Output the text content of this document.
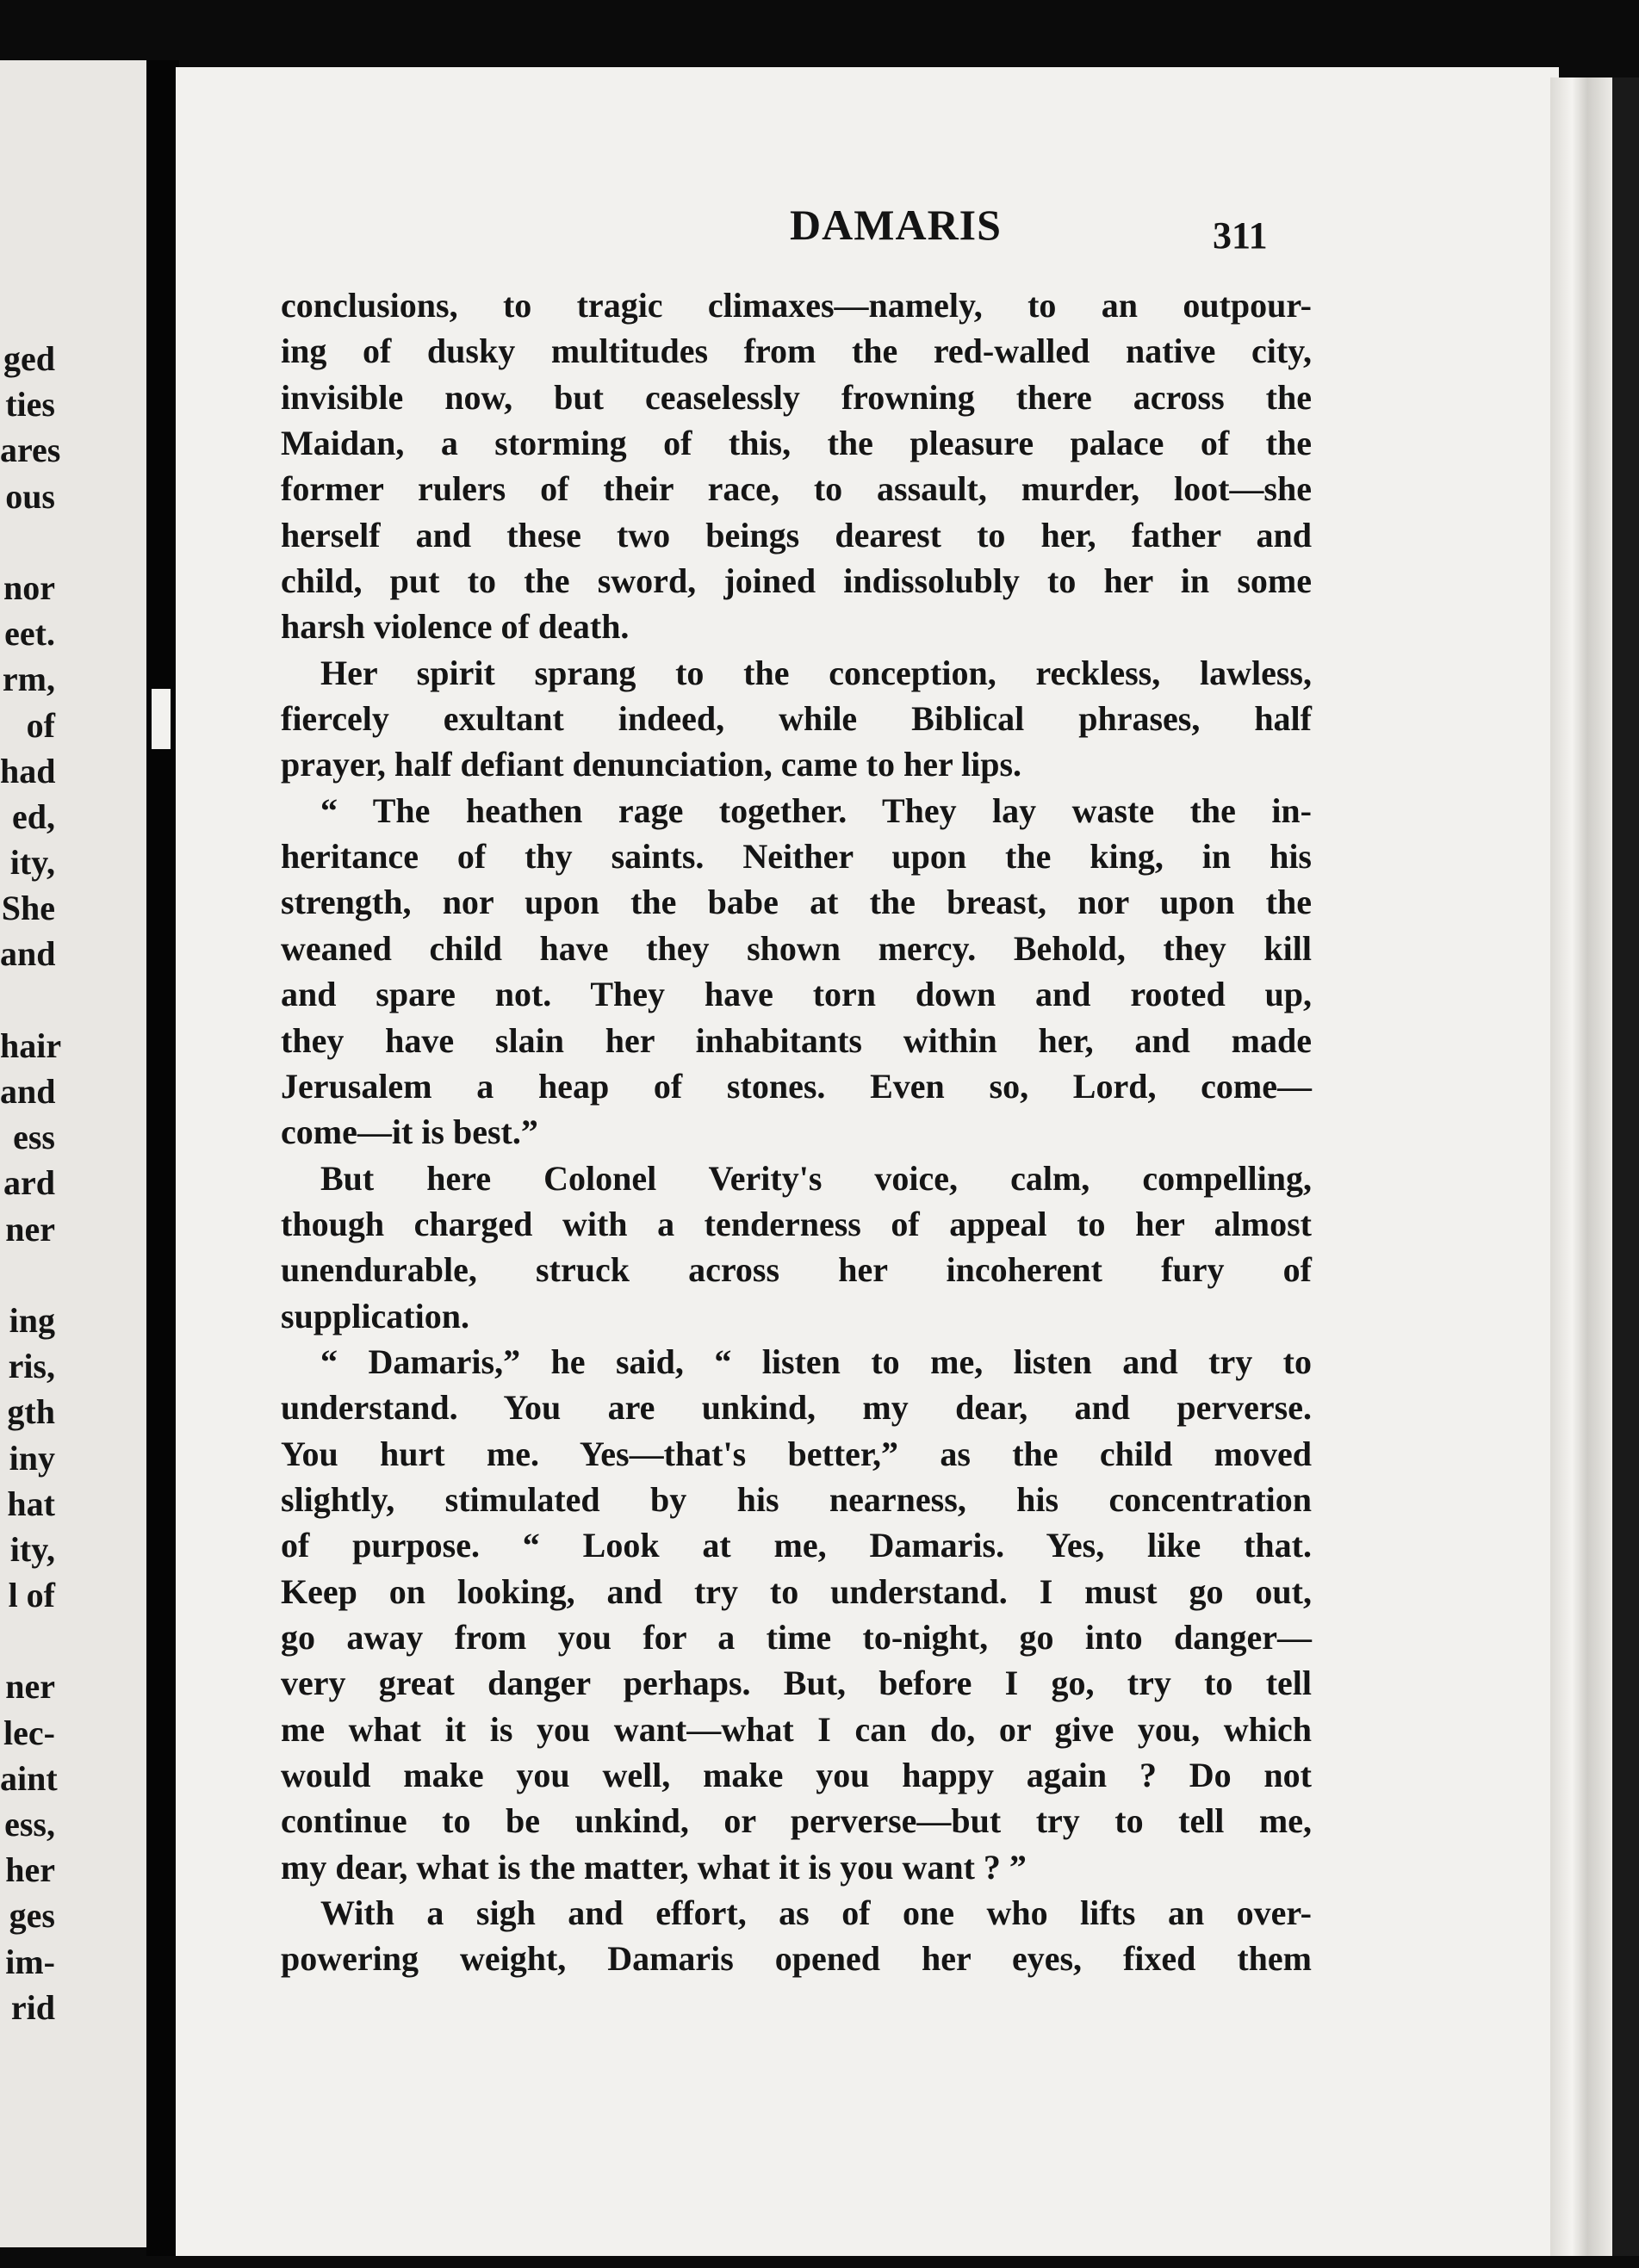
ged
ties
ares
ous
nor
eet.
rm,
of
had
ed,
ity,
She
and
hair
and
ess
ard
ner
ing
ris,
gth
iny
hat
ity,
l of
ner
lec-
aint
ess,
her
ges
im-
rid
DAMARIS	311
conclusions, to tragic climaxes—namely, to an outpour-
ing of dusky multitudes from the red-walled native city,
invisible now, but ceaselessly frowning there across the
Maidan, a storming of this, the pleasure palace of the
former rulers of their race, to assault, murder, loot—she
herself and these two beings dearest to her, father and
child, put to the sword, joined indissolubly to her in some
harsh violence of death.
Her spirit sprang to the conception, reckless, lawless,
fiercely exultant indeed, while Biblical phrases, half
prayer, half defiant denunciation, came to her lips.
“ The heathen rage together. They lay waste the in-
heritance of thy saints. Neither upon the king, in his
strength, nor upon the babe at the breast, nor upon the
weaned child have they shown mercy. Behold, they kill
and spare not. They have torn down and rooted up,
they have slain her inhabitants within her, and made
Jerusalem a heap of stones. Even so, Lord, come—
come—it is best.”
But here Colonel Verity's voice, calm, compelling,
though charged with a tenderness of appeal to her almost
unendurable, struck across her incoherent fury of
supplication.
“ Damaris,” he said, “ listen to me, listen and try to
understand. You are unkind, my dear, and perverse.
You hurt me. Yes—that's better,” as the child moved
slightly, stimulated by his nearness, his concentration
of purpose. “ Look at me, Damaris. Yes, like that.
Keep on looking, and try to understand. I must go out,
go away from you for a time to-night, go into danger—
very great danger perhaps. But, before I go, try to tell
me what it is you want—what I can do, or give you, which
would make you well, make you happy again ? Do not
continue to be unkind, or perverse—but try to tell me,
my dear, what is the matter, what it is you want ? ”
With a sigh and effort, as of one who lifts an over-
powering weight, Damaris opened her eyes, fixed them
